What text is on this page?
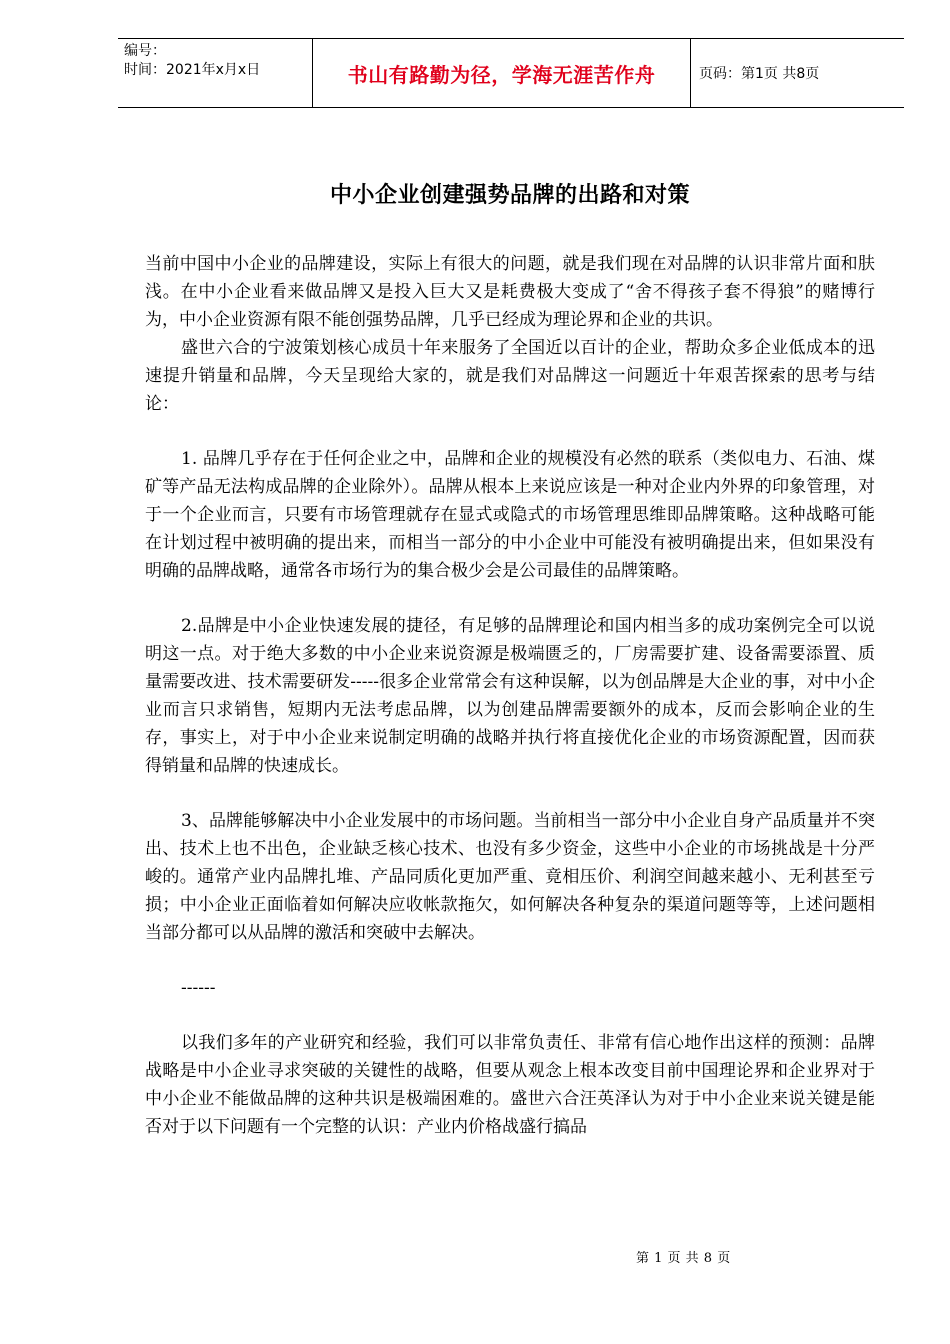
编号：
时间：2021年x月x日	书山有路勤为径，学海无涯苦作舟	页码：第1页 共8页
中小企业创建强势品牌的出路和对策

当前中国中小企业的品牌建设，实际上有很大的问题，就是我们现在对品牌的认识非常片面和肤浅。在中小企业看来做品牌又是投入巨大又是耗费极大变成了“舍不得孩子套不得狼”的赌博行为，中小企业资源有限不能创强势品牌，几乎已经成为理论界和企业的共识。

盛世六合的宁波策划核心成员十年来服务了全国近以百计的企业，帮助众多企业低成本的迅速提升销量和品牌，今天呈现给大家的，就是我们对品牌这一问题近十年艰苦探索的思考与结论：

1. 品牌几乎存在于任何企业之中，品牌和企业的规模没有必然的联系（类似电力、石油、煤矿等产品无法构成品牌的企业除外）。品牌从根本上来说应该是一种对企业内外界的印象管理，对于一个企业而言，只要有市场管理就存在显式或隐式的市场管理思维即品牌策略。这种战略可能在计划过程中被明确的提出来，而相当一部分的中小企业中可能没有被明确提出来，但如果没有明确的品牌战略，通常各市场行为的集合极少会是公司最佳的品牌策略。

2.品牌是中小企业快速发展的捷径，有足够的品牌理论和国内相当多的成功案例完全可以说明这一点。对于绝大多数的中小企业来说资源是极端匮乏的，厂房需要扩建、设备需要添置、质量需要改进、技术需要研发-----很多企业常常会有这种误解，以为创品牌是大企业的事，对中小企业而言只求销售，短期内无法考虑品牌，以为创建品牌需要额外的成本，反而会影响企业的生存，事实上，对于中小企业来说制定明确的战略并执行将直接优化企业的市场资源配置，因而获得销量和品牌的快速成长。

3、品牌能够解决中小企业发展中的市场问题。当前相当一部分中小企业自身产品质量并不突出、技术上也不出色，企业缺乏核心技术、也没有多少资金，这些中小企业的市场挑战是十分严峻的。通常产业内品牌扎堆、产品同质化更加严重、竟相压价、利润空间越来越小、无利甚至亏损；中小企业正面临着如何解决应收帐款拖欠，如何解决各种复杂的渠道问题等等，上述问题相当部分都可以从品牌的激活和突破中去解决。

------

以我们多年的产业研究和经验，我们可以非常负责任、非常有信心地作出这样的预测：品牌战略是中小企业寻求突破的关键性的战略，但要从观念上根本改变目前中国理论界和企业界对于中小企业不能做品牌的这种共识是极端困难的。盛世六合汪英泽认为对于中小企业来说关键是能否对于以下问题有一个完整的认识：产业内价格战盛行搞品

第 1 页 共 8 页
